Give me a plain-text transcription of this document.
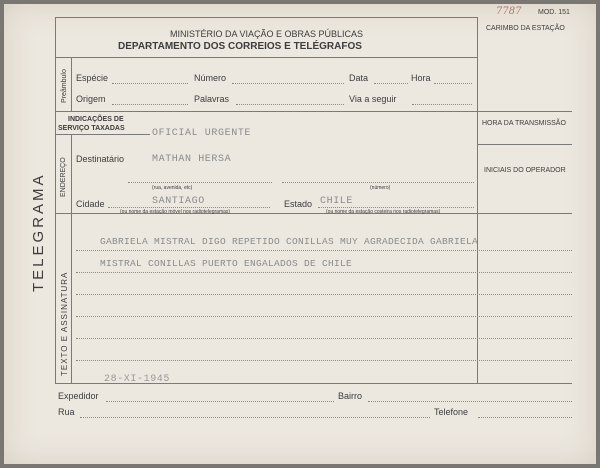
7787 MOD. 151
MINISTÉRIO DA VIAÇÃO E OBRAS PÚBLICAS
DEPARTAMENTO DOS CORREIOS E TELÉGRAFOS
CARIMBO DA ESTAÇÃO
TELEGRAMA
Preâmbulo Espécie	Número	Data	Hora
Origem	Palavras	Via a seguir
HORA DA TRANSMISSÃO
INICIAIS DO OPERADOR
INDICAÇÕES DE
SERVIÇO TAXADAS	OFICIAL URGENTE
ENDEREÇO Destinatário	MATHAN HERSA
(rua, avenida, etc)	(número)
Cidade	SANTIAGO
(ou nome da estação móvel nos radiotelegramas)
Estado CHILE
(ou nome da estação costeira nos radiotelegramas)
TEXTO E ASSINATURA
GABRIELA MISTRAL DIGO REPETIDO CONILLAS MUY AGRADECIDA GABRIELA
MISTRAL CONILLAS PUERTO ENGALADOS DE CHILE
28-XI-1945
Expedidor	Bairro
Rua	Telefone
